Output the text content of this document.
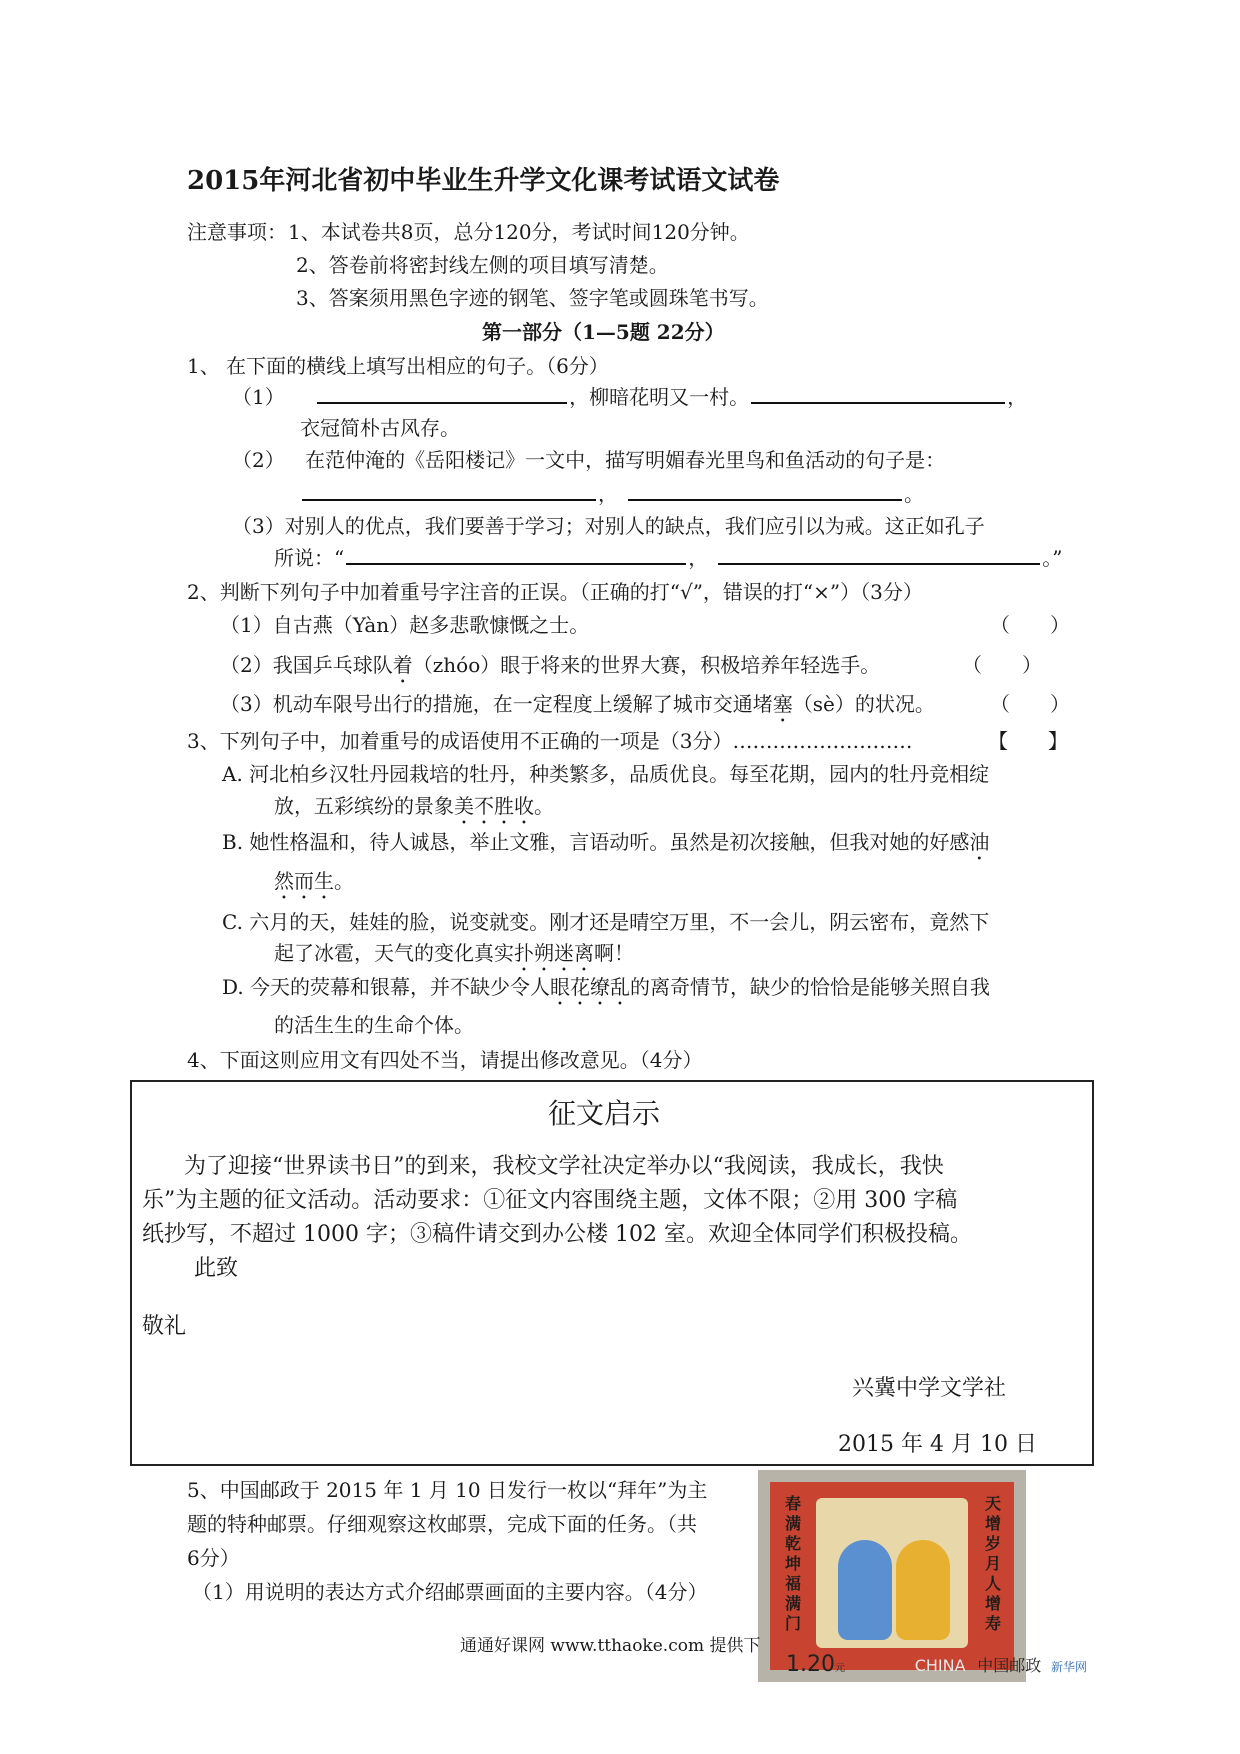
2015年河北省初中毕业生升学文化课考试语文试卷
注意事项： 1、本试卷共8页，总分120分，考试时间120分钟。
2、答卷前将密封线左侧的项目填写清楚。
3、答案须用黑色字迹的钢笔、签字笔或圆珠笔书写。
第一部分（1—5题 22分）
1、 在下面的横线上填写出相应的句子。（6分）
（1）	，柳暗花明又一村。	，
衣冠简朴古风存。
（2） 在范仲淹的《岳阳楼记》一文中，描写明媚春光里鸟和鱼活动的句子是：
，	。
（3）对别人的优点，我们要善于学习；对别人的缺点，我们应引以为戒。这正如孔子
所说：“	，	。”
2、判断下列句子中加着重号字注音的正误。（正确的打“√”，错误的打“×”）（3分）
（1）自古燕（Yàn）赵多悲歌慷慨之士。	（　　）
（2）我国乒乓球队着（zhóo）眼于将来的世界大赛，积极培养年轻选手。	（　　）
（3）机动车限号出行的措施，在一定程度上缓解了城市交通堵塞（sè）的状况。	（　　）
3、下列句子中，加着重号的成语使用不正确的一项是（3分）………………………	【　　】
A. 河北柏乡汉牡丹园栽培的牡丹，种类繁多，品质优良。每至花期，园内的牡丹竞相绽
放，五彩缤纷的景象美不胜收。
B. 她性格温和，待人诚恳，举止文雅，言语动听。虽然是初次接触，但我对她的好感油
然而生。
C. 六月的天，娃娃的脸，说变就变。刚才还是晴空万里，不一会儿，阴云密布，竟然下
起了冰雹，天气的变化真实扑朔迷离啊！
D. 今天的荧幕和银幕，并不缺少令人眼花缭乱的离奇情节，缺少的恰恰是能够关照自我
的活生生的生命个体。
4、下面这则应用文有四处不当，请提出修改意见。（4分）
征文启示
为了迎接“世界读书日”的到来，我校文学社决定举办以“我阅读，我成长，我快
乐”为主题的征文活动。活动要求：①征文内容围绕主题，文体不限；②用 300 字稿
纸抄写，不超过 1000 字；③稿件请交到办公楼 102 室。欢迎全体同学们积极投稿。
此致
敬礼
兴冀中学文学社
2015 年 4 月 10 日
5、中国邮政于 2015 年 1 月 10 日发行一枚以“拜年”为主
题的特种邮票。仔细观察这枚邮票，完成下面的任务。（共
6分）
（1）用说明的表达方式介绍邮票画面的主要内容。（4分）
春满乾坤福满门
天增岁月人增寿
1.20元	CHINA 中国邮政 新华网
通通好课网 www.tthaoke.com 提供下
